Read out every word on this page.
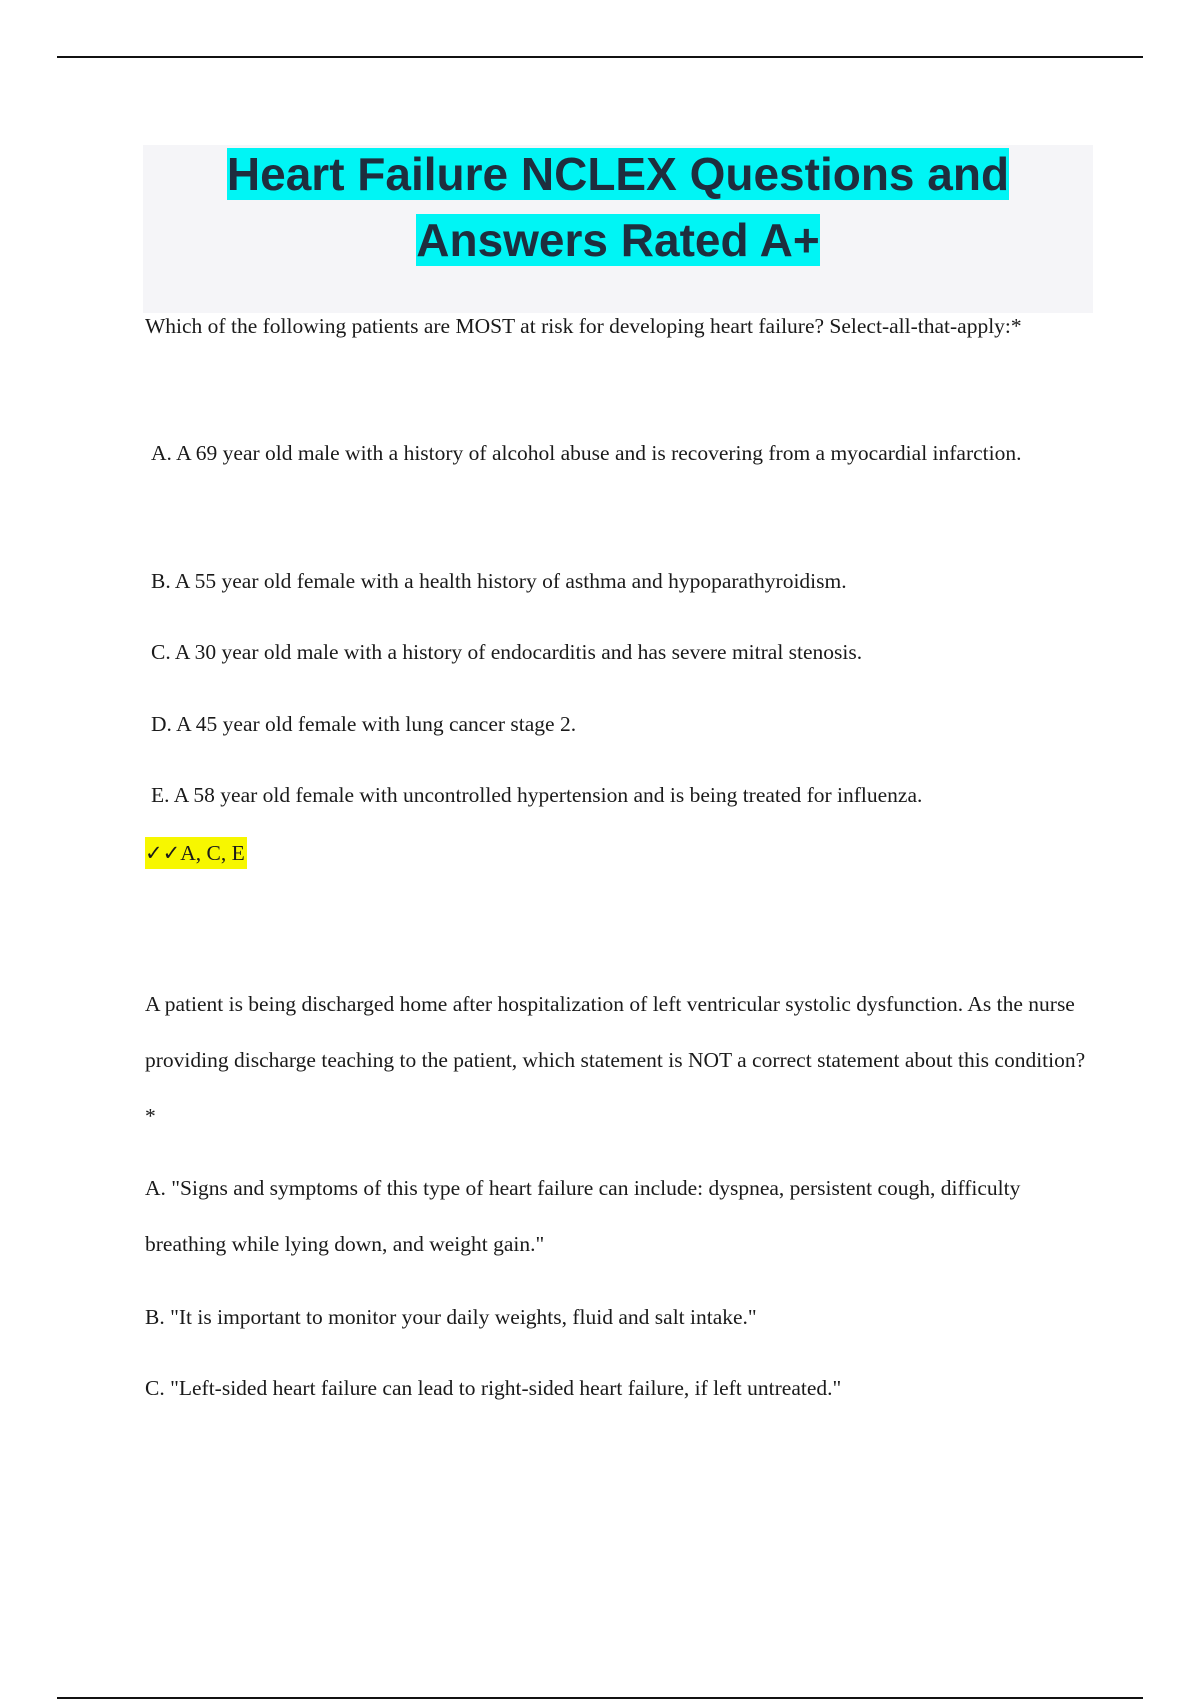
Heart Failure NCLEX Questions and Answers Rated A+

Which of the following patients are MOST at risk for developing heart failure? Select-all-that-apply:*

A. A 69 year old male with a history of alcohol abuse and is recovering from a myocardial infarction.

B. A 55 year old female with a health history of asthma and hypoparathyroidism.

C. A 30 year old male with a history of endocarditis and has severe mitral stenosis.

D. A 45 year old female with lung cancer stage 2.

E. A 58 year old female with uncontrolled hypertension and is being treated for influenza.

✓✓A, C, E

A patient is being discharged home after hospitalization of left ventricular systolic dysfunction. As the nurse providing discharge teaching to the patient, which statement is NOT a correct statement about this condition?*

A. "Signs and symptoms of this type of heart failure can include: dyspnea, persistent cough, difficulty breathing while lying down, and weight gain."

B. "It is important to monitor your daily weights, fluid and salt intake."

C. "Left-sided heart failure can lead to right-sided heart failure, if left untreated."
